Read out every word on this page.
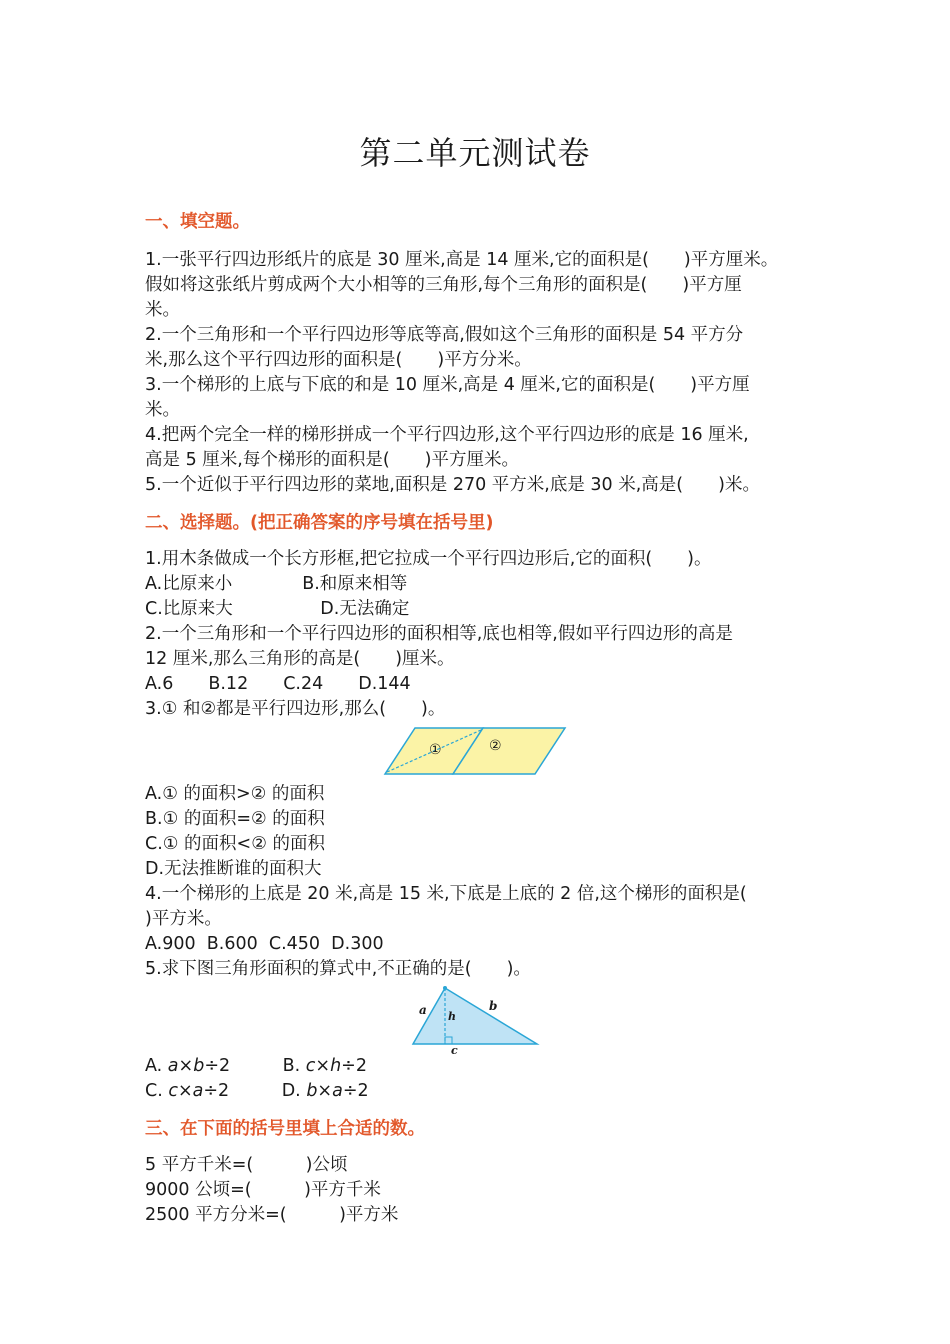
第二单元测试卷
一、填空题。
1.一张平行四边形纸片的底是 30 厘米,高是 14 厘米,它的面积是(　　)平方厘米。
假如将这张纸片剪成两个大小相等的三角形,每个三角形的面积是(　　)平方厘
米。
2.一个三角形和一个平行四边形等底等高,假如这个三角形的面积是 54 平方分
米,那么这个平行四边形的面积是(　　)平方分米。
3.一个梯形的上底与下底的和是 10 厘米,高是 4 厘米,它的面积是(　　)平方厘
米。
4.把两个完全一样的梯形拼成一个平行四边形,这个平行四边形的底是 16 厘米,
高是 5 厘米,每个梯形的面积是(　　)平方厘米。
5.一个近似于平行四边形的菜地,面积是 270 平方米,底是 30 米,高是(　　)米。
二、选择题。(把正确答案的序号填在括号里)
1.用木条做成一个长方形框,把它拉成一个平行四边形后,它的面积(　　)。
A.比原来小　　　　B.和原来相等
C.比原来大　　　　　D.无法确定
2.一个三角形和一个平行四边形的面积相等,底也相等,假如平行四边形的高是
12 厘米,那么三角形的高是(　　)厘米。
A.6　　B.12　　C.24　　D.144
3.① 和②都是平行四边形,那么(　　)。
①	②
A.① 的面积>② 的面积
B.① 的面积=② 的面积
C.① 的面积<② 的面积
D.无法推断谁的面积大
4.一个梯形的上底是 20 米,高是 15 米,下底是上底的 2 倍,这个梯形的面积是(
)平方米。
A.900  B.600  C.450  D.300
5.求下图三角形面积的算式中,不正确的是(　　)。
a	b
h
c
A. a×b÷2　　　	B. c×h÷2
C. c×a÷2　　　	D. b×a÷2
三、在下面的括号里填上合适的数。
5 平方千米=(　　　)公顷
9000 公顷=(　　　)平方千米
2500 平方分米=(　　　)平方米
